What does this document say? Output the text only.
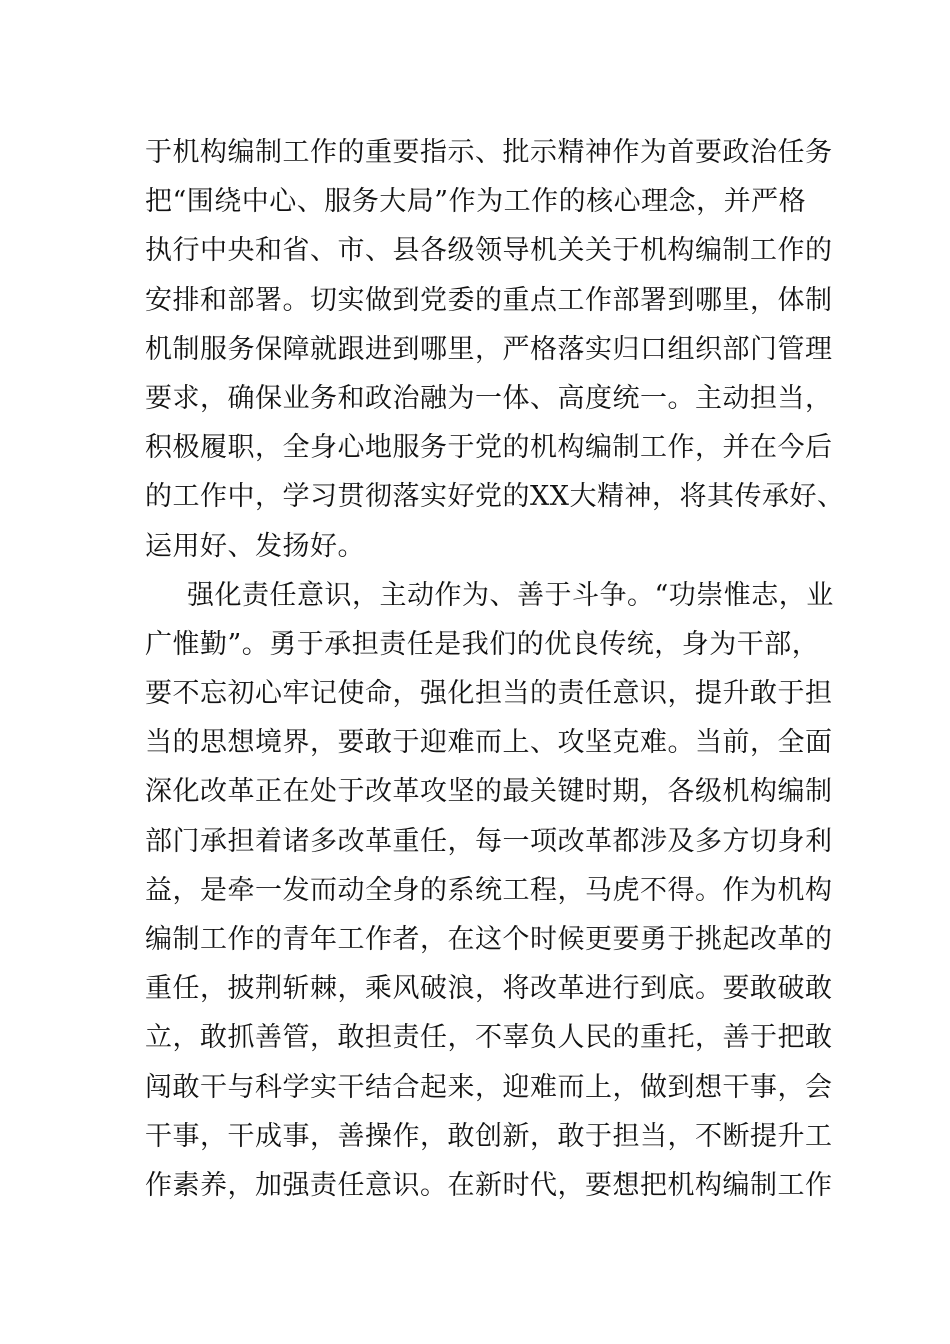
于机构编制工作的重要指示、批示精神作为首要政治任务
把“围绕中心、服务大局”作为工作的核心理念，并严格
执行中央和省、市、县各级领导机关关于机构编制工作的
安排和部署。切实做到党委的重点工作部署到哪里，体制
机制服务保障就跟进到哪里，严格落实归口组织部门管理
要求，确保业务和政治融为一体、高度统一。主动担当，
积极履职，全身心地服务于党的机构编制工作，并在今后
的工作中，学习贯彻落实好党的XX大精神，将其传承好、
运用好、发扬好。
强化责任意识，主动作为、善于斗争。“功崇惟志，业
广惟勤”。勇于承担责任是我们的优良传统，身为干部，
要不忘初心牢记使命，强化担当的责任意识，提升敢于担
当的思想境界，要敢于迎难而上、攻坚克难。当前，全面
深化改革正在处于改革攻坚的最关键时期，各级机构编制
部门承担着诸多改革重任，每一项改革都涉及多方切身利
益，是牵一发而动全身的系统工程，马虎不得。作为机构
编制工作的青年工作者，在这个时候更要勇于挑起改革的
重任，披荆斩棘，乘风破浪，将改革进行到底。要敢破敢
立，敢抓善管，敢担责任，不辜负人民的重托，善于把敢
闯敢干与科学实干结合起来，迎难而上，做到想干事，会
干事，干成事，善操作，敢创新，敢于担当，不断提升工
作素养，加强责任意识。在新时代，要想把机构编制工作
